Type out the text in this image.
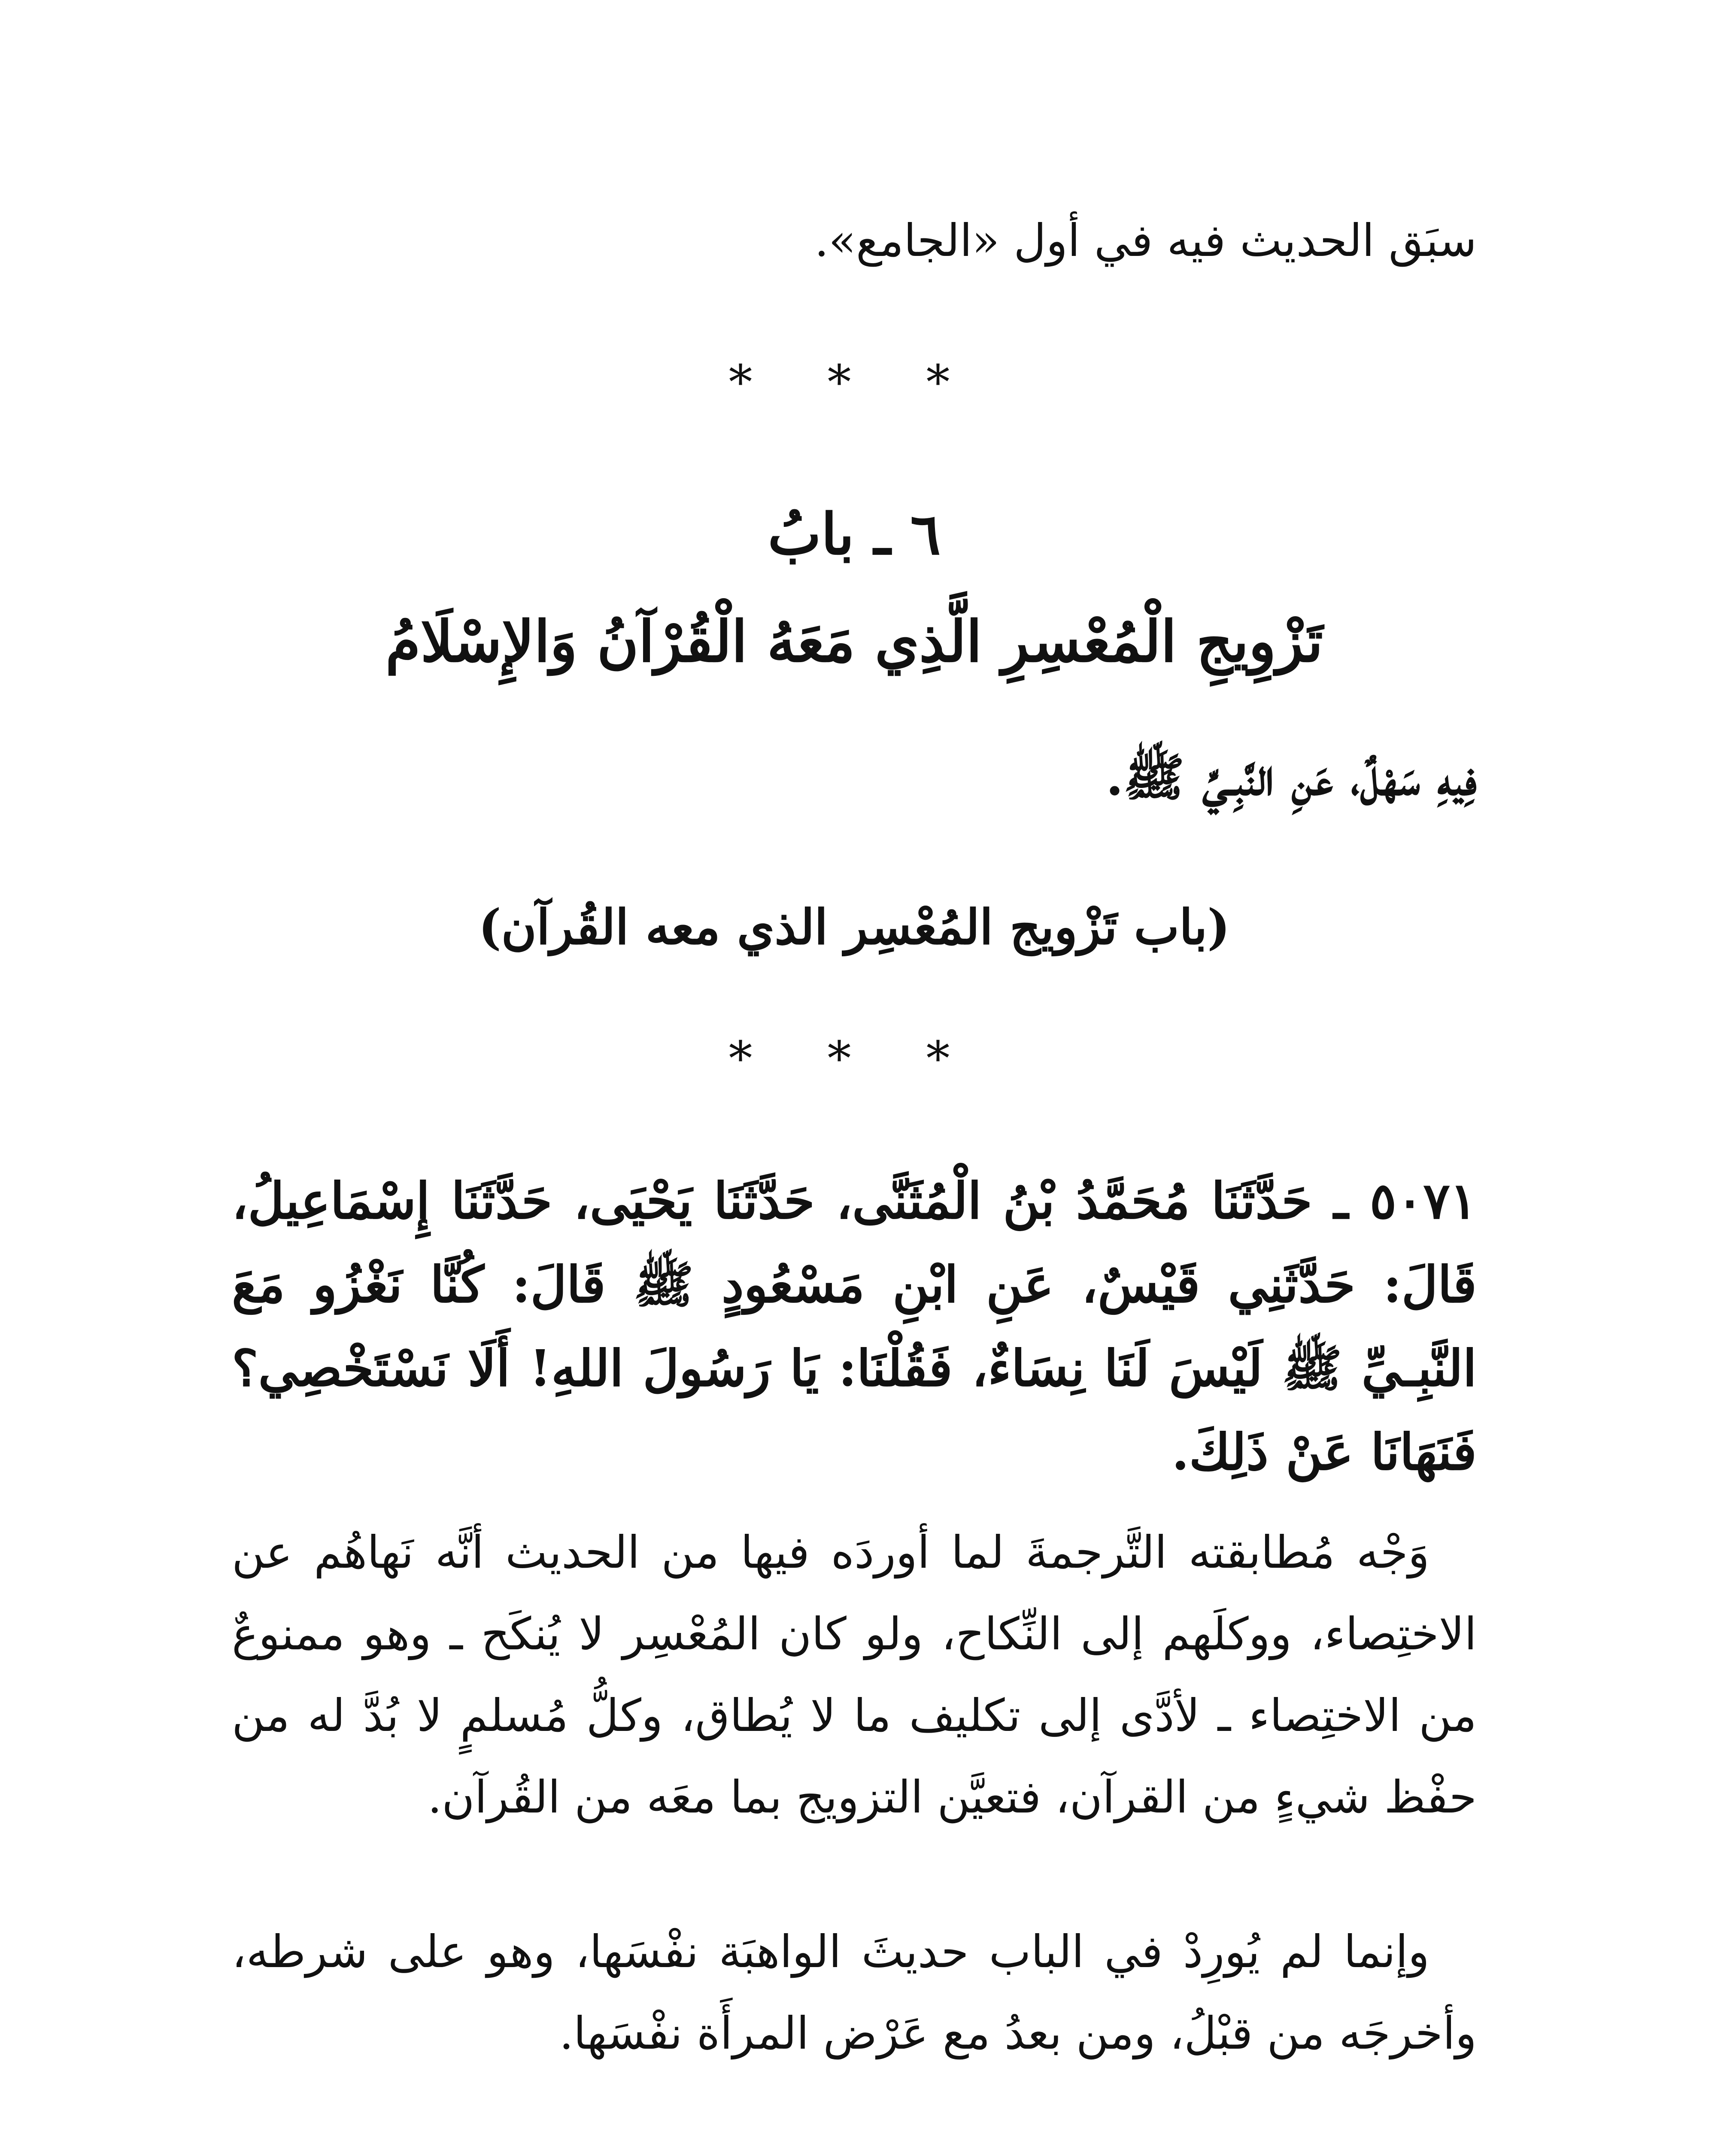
سبَق الحديث فيه في أول «الجامع».

* * *
٦ ـ بابُ
تَزْوِيجِ الْمُعْسِرِ الَّذِي مَعَهُ الْقُرْآنُ وَالإِسْلَامُ

فِيهِ سَهْلٌ، عَنِ النَّبِـيِّ ﷺ.

(باب تَزْويج المُعْسِر الذي معه القُرآن)
* * *

٥٠٧١ ـ حَدَّثَنَا مُحَمَّدُ بْنُ الْمُثَنَّى، حَدَّثَنَا يَحْيَى، حَدَّثَنَا إِسْمَاعِيلُ، قَالَ: حَدَّثَنِي قَيْسٌ، عَنِ ابْنِ مَسْعُودٍ ﷺ قَالَ: كُنَّا نَغْزُو مَعَ النَّبِـيِّ ﷺ لَيْسَ لَنَا نِسَاءٌ، فَقُلْنَا: يَا رَسُولَ اللهِ! أَلَا نَسْتَخْصِي؟ فَنَهَانَا عَنْ ذَلِكَ.

وَجْه مُطابقته التَّرجمةَ لما أوردَه فيها من الحديث أنَّه نَهاهُم عن الاختِصاء، ووكلَهم إلى النِّكاح، ولو كان المُعْسِر لا يُنكَح ـ وهو ممنوعٌ من الاختِصاء ـ لأدَّى إلى تكليف ما لا يُطاق، وكلُّ مُسلمٍ لا بُدَّ له من حفْظ شيءٍ من القرآن، فتعيَّن التزويج بما معَه من القُرآن.

وإنما لم يُورِدْ في الباب حديثَ الواهبَة نفْسَها، وهو على شرطه، وأخرجَه من قبْلُ، ومن بعدُ مع عَرْض المرأَة نفْسَها.
